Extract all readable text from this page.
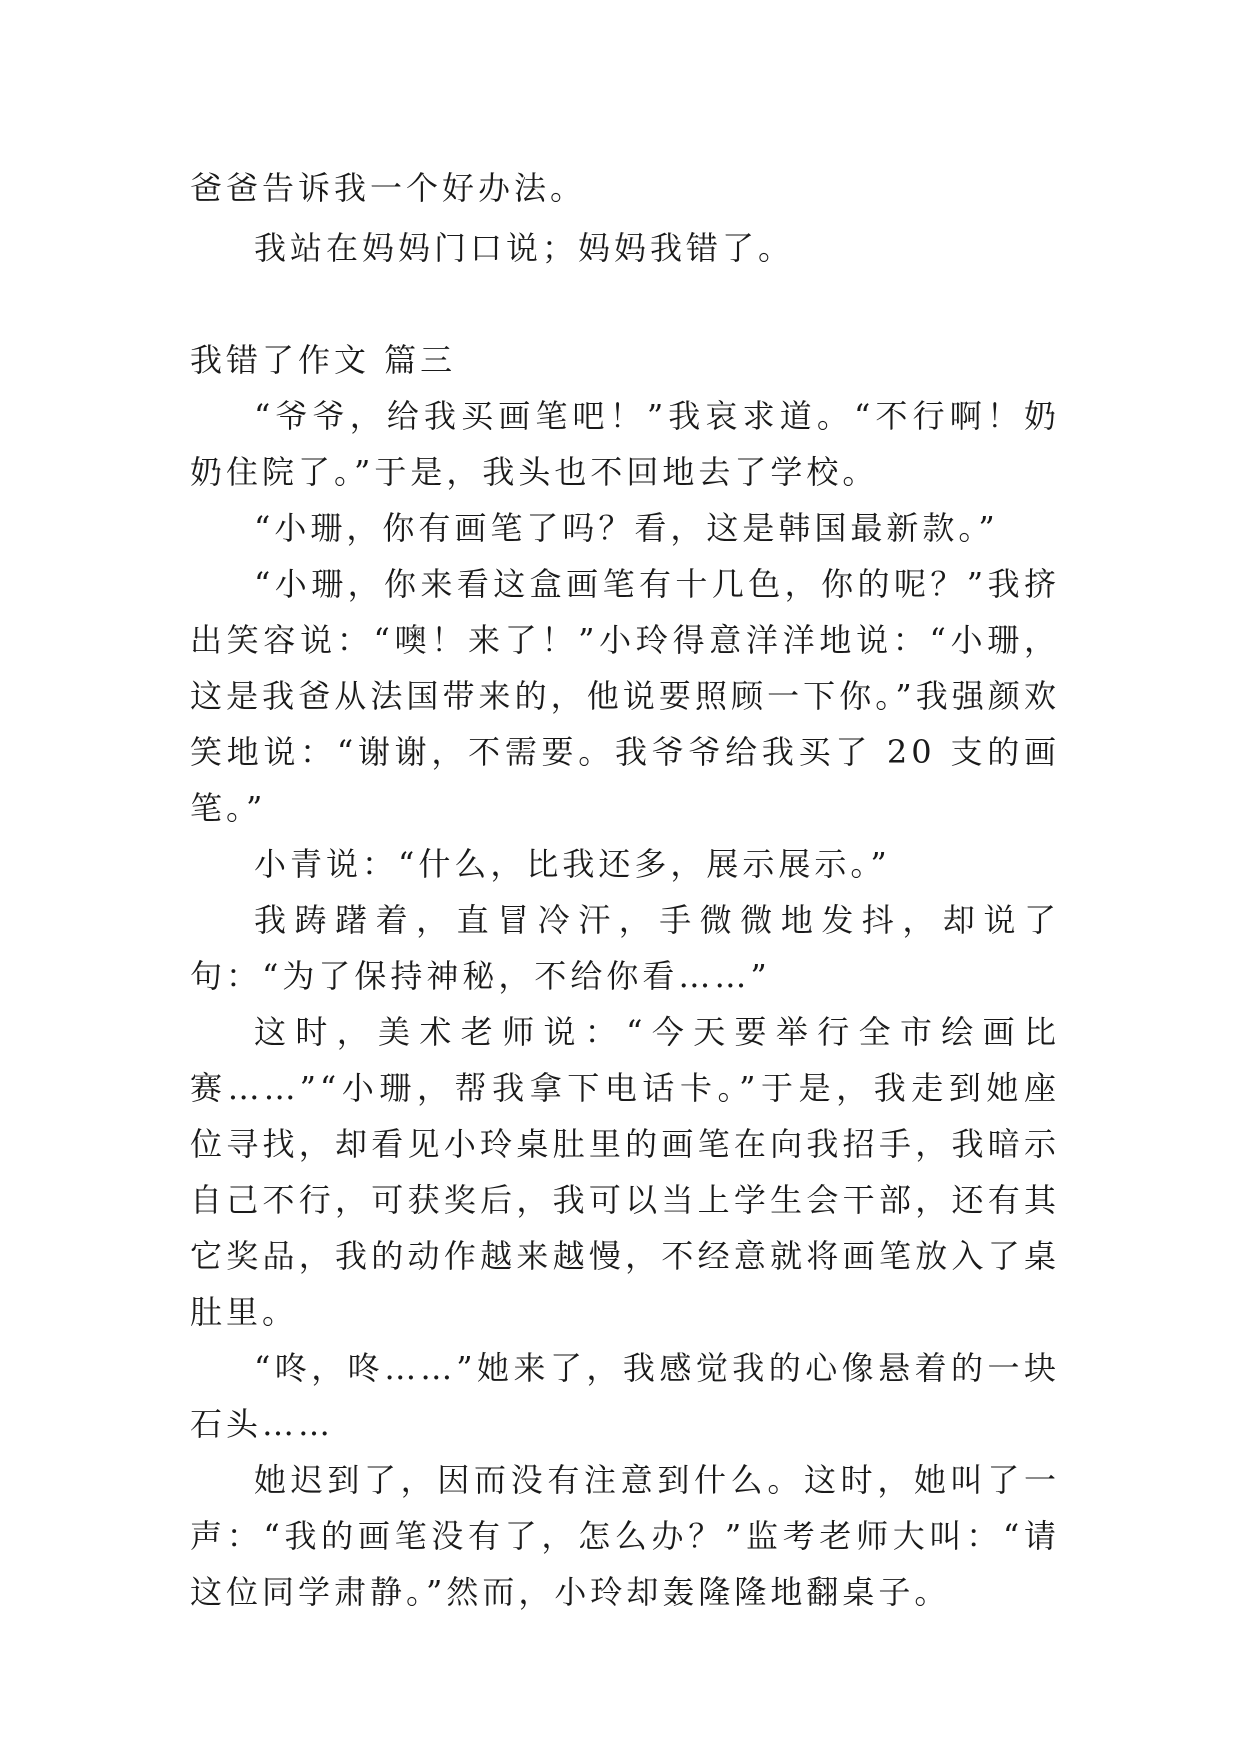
爸爸告诉我一个好办法。

我站在妈妈门口说；妈妈我错了。

我错了作文 篇三

“爷爷，给我买画笔吧！”我哀求道。“不行啊！奶奶住院了。”于是，我头也不回地去了学校。

“小珊，你有画笔了吗？看，这是韩国最新款。”

“小珊，你来看这盒画笔有十几色，你的呢？”我挤出笑容说：“噢！来了！”小玲得意洋洋地说：“小珊，这是我爸从法国带来的，他说要照顾一下你。”我强颜欢笑地说：“谢谢，不需要。我爷爷给我买了 20 支的画笔。”

小青说：“什么，比我还多，展示展示。”

我踌躇着，直冒冷汗，手微微地发抖，却说了句：“为了保持神秘，不给你看……”

这时，美术老师说：“今天要举行全市绘画比赛……”“小珊，帮我拿下电话卡。”于是，我走到她座位寻找，却看见小玲桌肚里的画笔在向我招手，我暗示自己不行，可获奖后，我可以当上学生会干部，还有其它奖品，我的动作越来越慢，不经意就将画笔放入了桌肚里。

“咚，咚……”她来了，我感觉我的心像悬着的一块石头……

她迟到了，因而没有注意到什么。这时，她叫了一声：“我的画笔没有了，怎么办？”监考老师大叫：“请这位同学肃静。”然而，小玲却轰隆隆地翻桌子。
